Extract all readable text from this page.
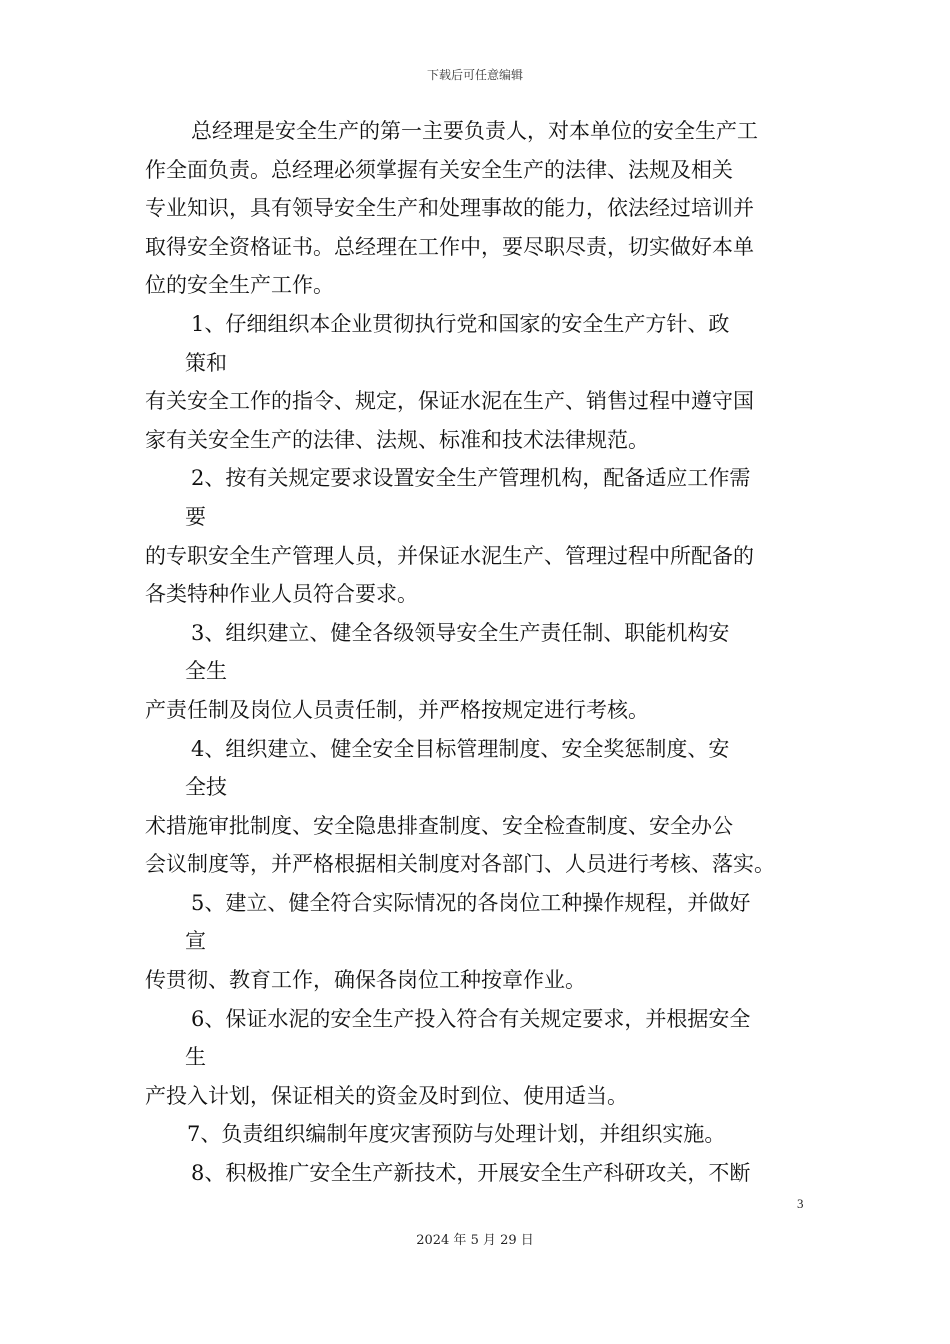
下载后可任意编辑
总经理是安全生产的第一主要负责人，对本单位的安全生产工
作全面负责。总经理必须掌握有关安全生产的法律、法规及相关
专业知识，具有领导安全生产和处理事故的能力，依法经过培训并
取得安全资格证书。总经理在工作中，要尽职尽责，切实做好本单
位的安全生产工作。
1、仔细组织本企业贯彻执行党和国家的安全生产方针、政
策和
有关安全工作的指令、规定，保证水泥在生产、销售过程中遵守国
家有关安全生产的法律、法规、标准和技术法律规范。
2、按有关规定要求设置安全生产管理机构，配备适应工作需
要
的专职安全生产管理人员，并保证水泥生产、管理过程中所配备的
各类特种作业人员符合要求。
3、组织建立、健全各级领导安全生产责任制、职能机构安
全生
产责任制及岗位人员责任制，并严格按规定进行考核。
4、组织建立、健全安全目标管理制度、安全奖惩制度、安
全技
术措施审批制度、安全隐患排查制度、安全检查制度、安全办公
会议制度等，并严格根据相关制度对各部门、人员进行考核、落实。
5、建立、健全符合实际情况的各岗位工种操作规程，并做好
宣
传贯彻、教育工作，确保各岗位工种按章作业。
6、保证水泥的安全生产投入符合有关规定要求，并根据安全
生
产投入计划，保证相关的资金及时到位、使用适当。
7、负责组织编制年度灾害预防与处理计划，并组织实施。
8、积极推广安全生产新技术，开展安全生产科研攻关，不断
3
2024 年 5 月 29 日
